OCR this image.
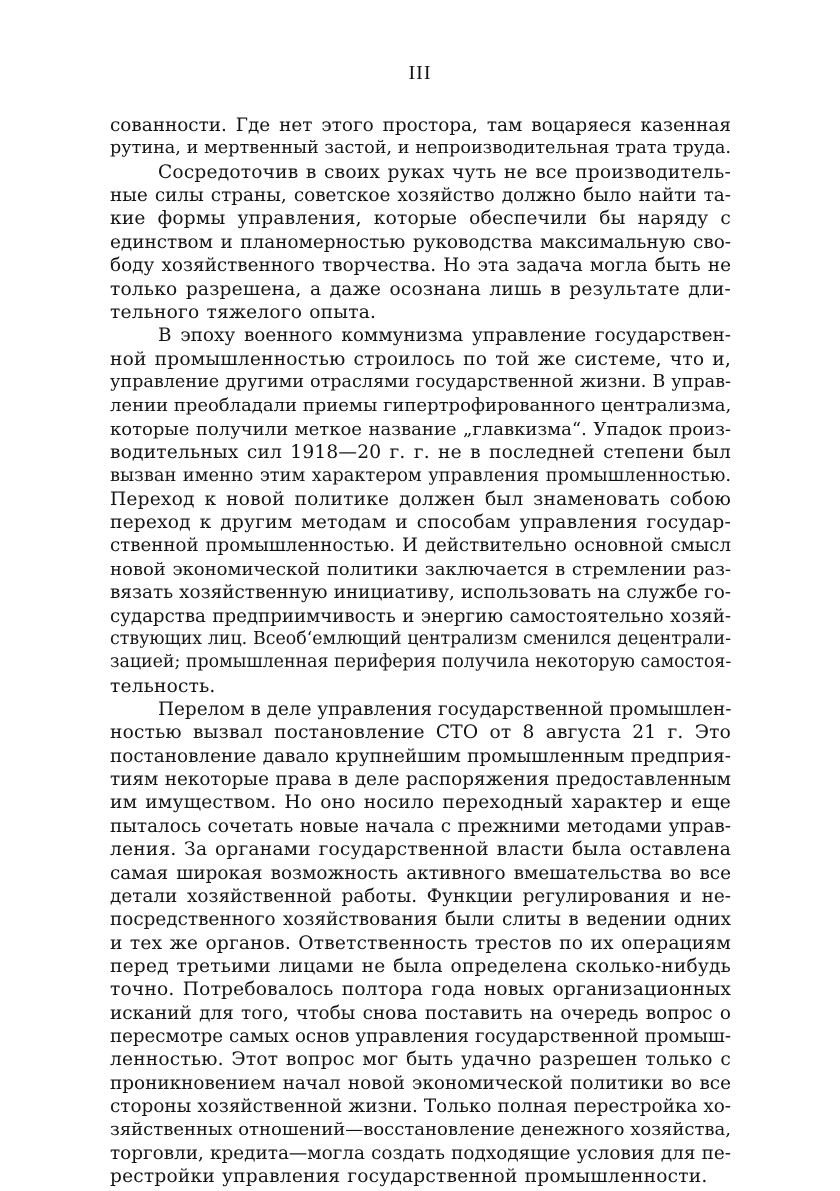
III
сованности. Где нет этого простора, там воцаряеся казенная
рутина, и мертвенный застой, и непроизводительная трата труда.
Сосредоточив в своих руках чуть не все производитель-
ные силы страны, советское хозяйство должно было найти та-
кие формы управления, которые обеспечили бы наряду с
единством и планомерностью руководства максимальную сво-
боду хозяйственного творчества. Но эта задача могла быть не
только разрешена, а даже осознана лишь в результате дли-
тельного тяжелого опыта.
В эпоху военного коммунизма управление государствен-
ной промышленностью строилось по той же системе, что и,
управление другими отраслями государственной жизни. В управ-
лении преобладали приемы гипертрофированного централизма,
которые получили меткое название „главкизма“. Упадок произ-
водительных сил 1918—20 г. г. не в последней степени был
вызван именно этим характером управления промышленностью.
Переход к новой политике должен был знаменовать собою
переход к другим методам и способам управления государ-
ственной промышленностью. И действительно основной смысл
новой экономической политики заключается в стремлении раз-
вязать хозяйственную инициативу, использовать на службе го-
сударства предприимчивость и энергию самостоятельно хозяй-
ствующих лиц. Всеоб‘емлющий централизм сменился децентрали-
зацией; промышленная периферия получила некоторую самостоя-
тельность.
Перелом в деле управления государственной промышлен-
ностью вызвал постановление СТО от 8 августа 21 г. Это
постановление давало крупнейшим промышленным предприя-
тиям некоторые права в деле распоряжения предоставленным
им имуществом. Но оно носило переходный характер и еще
пыталось сочетать новые начала с прежними методами управ-
ления. За органами государственной власти была оставлена
самая широкая возможность активного вмешательства во все
детали хозяйственной работы. Функции регулирования и не-
посредственного хозяйствования были слиты в ведении одних
и тех же органов. Ответственность трестов по их операциям
перед третьими лицами не была определена сколько-нибудь
точно. Потребовалось полтора года новых организационных
исканий для того, чтобы снова поставить на очередь вопрос о
пересмотре самых основ управления государственной промыш-
ленностью. Этот вопрос мог быть удачно разрешен только с
проникновением начал новой экономической политики во все
стороны хозяйственной жизни. Только полная перестройка хо-
зяйственных отношений—восстановление денежного хозяйства,
торговли, кредита—могла создать подходящие условия для пе-
рестройки управления государственной промышленности.
